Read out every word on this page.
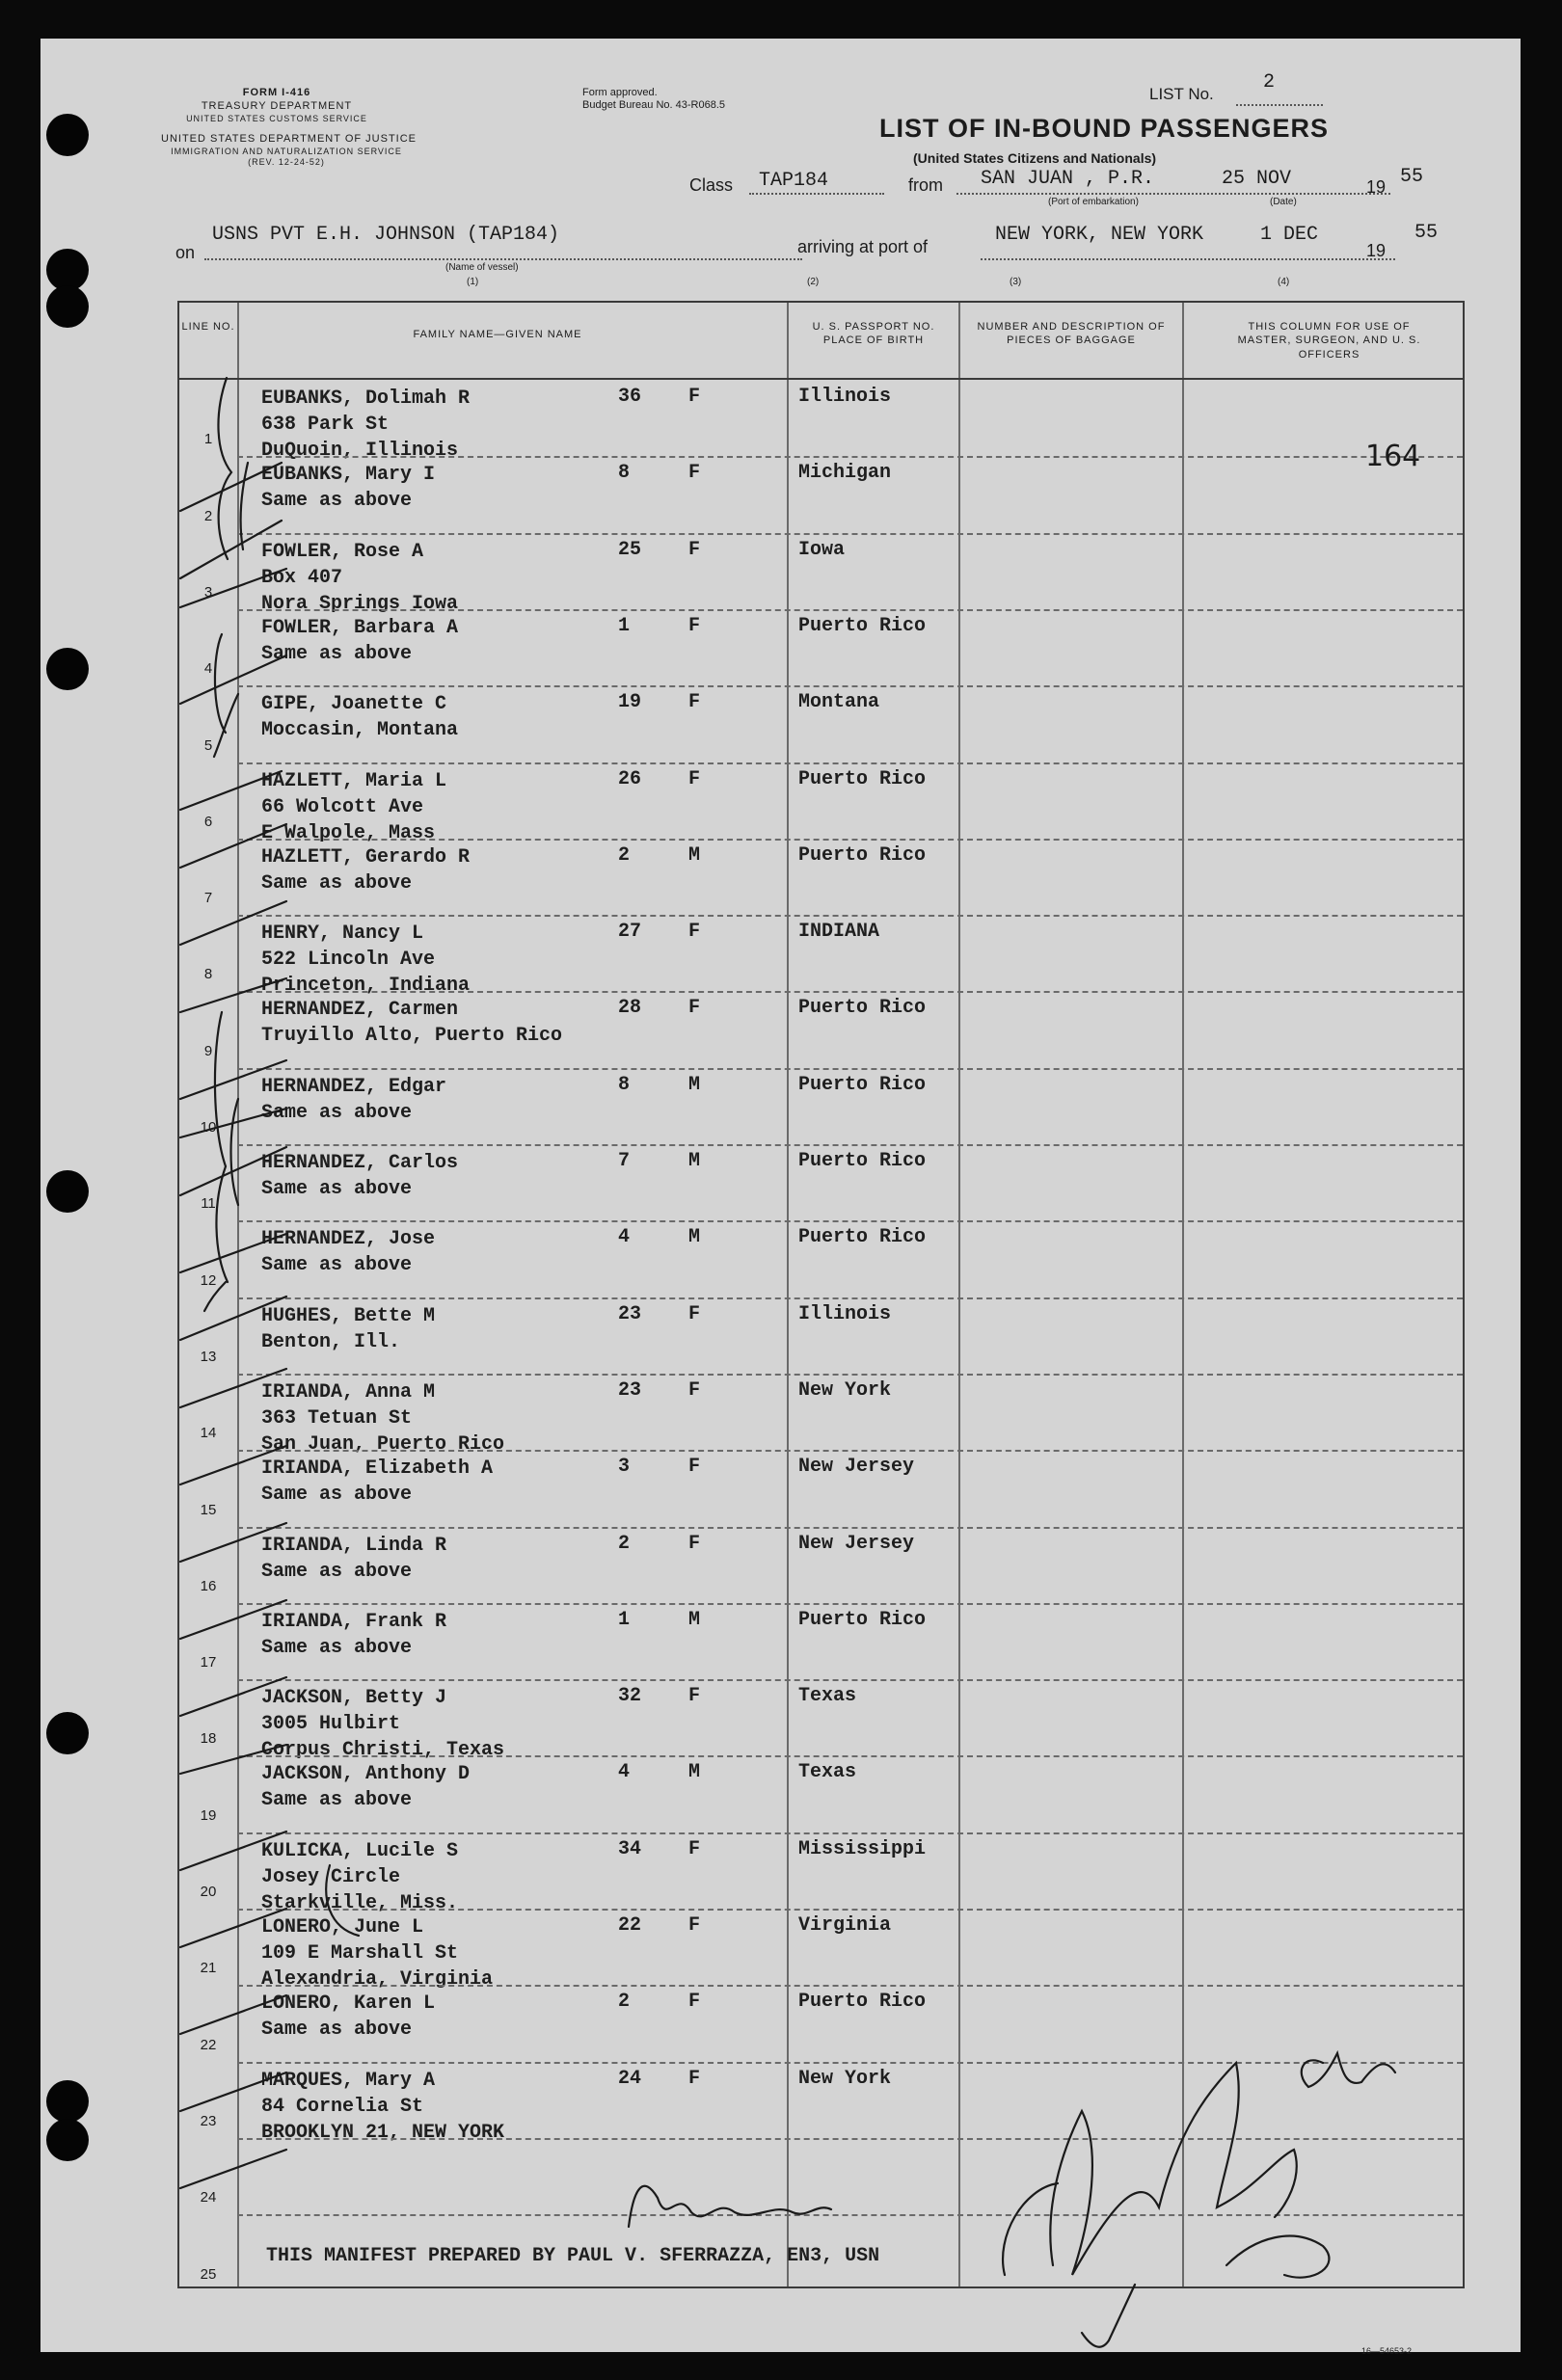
FORM I-416
TREASURY DEPARTMENT
UNITED STATES CUSTOMS SERVICE
UNITED STATES DEPARTMENT OF JUSTICE
IMMIGRATION AND NATURALIZATION SERVICE
(REV. 12-24-52)
Form approved.
Budget Bureau No. 43-R068.5
LIST No.
2
LIST OF IN-BOUND PASSENGERS
(United States Citizens and Nationals)
Class TAP184	from SAN JUAN , P.R.	25 NOV	19 55
(Port of embarkation)	(Date)
on
USNS PVT E.H. JOHNSON (TAP184)
(Name of vessel)
arriving at port of
NEW YORK, NEW YORK	1 DEC
19
55
(1)	(2)	(3)	(4)
LINE NO.
FAMILY NAME—GIVEN NAME
U. S. PASSPORT NO. PLACE OF BIRTH
NUMBER AND DESCRIPTION OF PIECES OF BAGGAGE
THIS COLUMN FOR USE OF MASTER, SURGEON, AND U. S. OFFICERS
1
EUBANKS, Dolimah R
638 Park St
DuQuoin, Illinois
36 F	Illinois
2
EUBANKS, Mary I
Same as above
8	F	Michigan
3
FOWLER, Rose A
Box 407
Nora Springs Iowa
25 F	Iowa
4
FOWLER, Barbara A
Same as above
1	F	Puerto Rico
5
GIPE, Joanette C
Moccasin, Montana
19 F	Montana
6
HAZLETT, Maria L
66 Wolcott Ave
E Walpole, Mass
26 F	Puerto Rico
7
HAZLETT, Gerardo R
Same as above
2	M	Puerto Rico
8
HENRY, Nancy L
522 Lincoln Ave
Princeton, Indiana
27 F	INDIANA
9
HERNANDEZ, Carmen
Truyillo Alto, Puerto Rico
28 F	Puerto Rico
10
HERNANDEZ, Edgar
Same as above
8	M	Puerto Rico
11
HERNANDEZ, Carlos
Same as above
7	M	Puerto Rico
12
HERNANDEZ, Jose
Same as above
4	M	Puerto Rico
13
HUGHES, Bette M
Benton, Ill.
23 F	Illinois
14
IRIANDA, Anna M
363 Tetuan St
San Juan, Puerto Rico
23 F	New York
15
IRIANDA, Elizabeth A
Same as above
3	F	New Jersey
16
IRIANDA, Linda R
Same as above
2	F	New Jersey
17
IRIANDA, Frank R
Same as above
1	M	Puerto Rico
18
JACKSON, Betty J
3005 Hulbirt
Corpus Christi, Texas
32 F	Texas
19
JACKSON, Anthony D
Same as above
4	M	Texas
20
KULICKA, Lucile S
Josey Circle
Starkville, Miss.
34 F	Mississippi
21
LONERO, June L
109 E Marshall St
Alexandria, Virginia
22 F	Virginia
22
LONERO, Karen L
Same as above
2	F	Puerto Rico
23
MARQUES, Mary A
84 Cornelia St
BROOKLYN 21, NEW YORK
24 F	New York
24
25
THIS MANIFEST PREPARED BY PAUL V. SFERRAZZA, EN3, USN
164
16—54653-2
